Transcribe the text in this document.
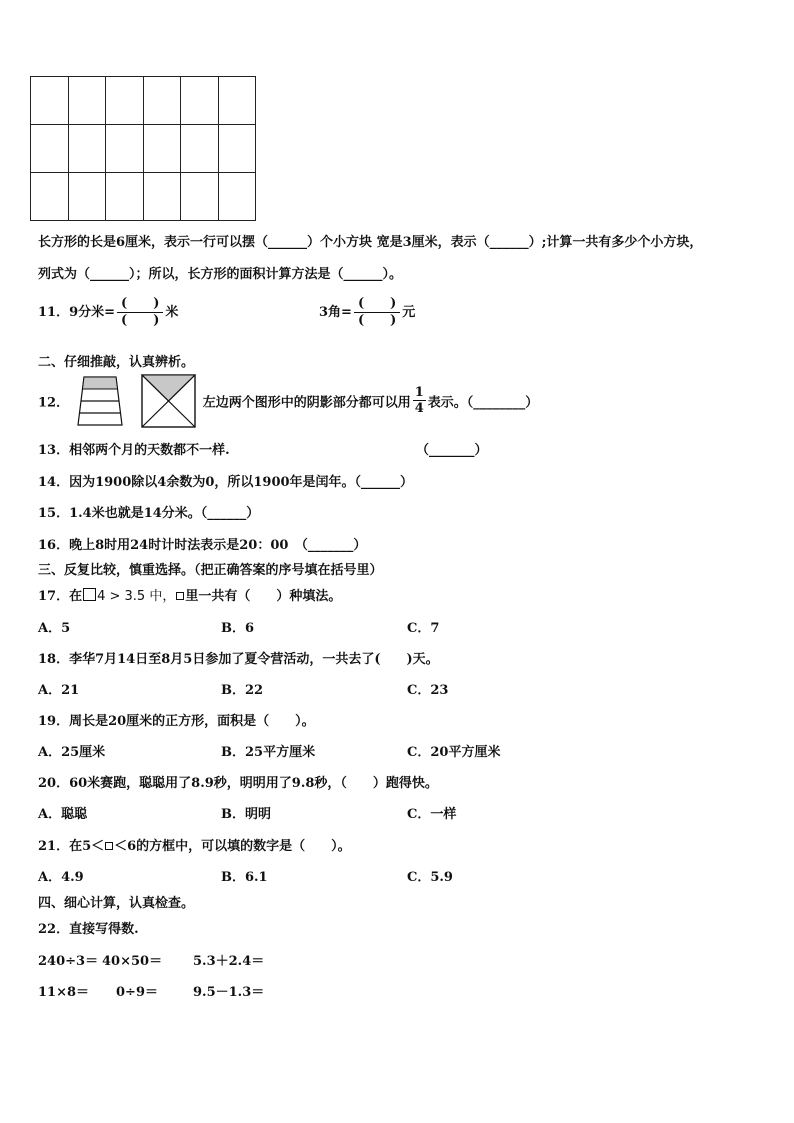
长方形的长是6厘米，表示一行可以摆（______）个小方块 宽是3厘米，表示（______）;计算一共有多少个小方块，
列式为（______）；所以，长方形的面积计算方法是（______）。
11．9分米= $\frac{( )}{( )}$ 米	3角= $\frac{( )}{( )}$ 元
二、仔细推敲，认真辨析。
12．	左边两个图形中的阴影部分都可以用 $\frac{1}{4}$ 表示。（________）
13．相邻两个月的天数都不一样.	（_______）
14．因为1900除以4余数为0，所以1900年是闰年。（______）
15．1.4米也就是14分米。（______）
16．晚上8时用24时计时法表示是20：00　（_______）
三、反复比较，慎重选择。（把正确答案的序号填在括号里）
17．在 4 > 3.5 中， 里一共有（　　）种填法。
A．5	B．6	C．7
18．李华7月14日至8月5日参加了夏令营活动，一共去了(　　)天。
A．21	B．22	C．23
19．周长是20厘米的正方形，面积是（　　）。
A．25厘米	B．25平方厘米	C．20平方厘米
20．60米赛跑，聪聪用了8.9秒，明明用了9.8秒，（　　）跑得快。
A．聪聪	B．明明	C．一样
21．在5＜ ＜6的方框中，可以填的数字是（　　）。
A．4.9	B．6.1	C．5.9
四、细心计算，认真检查。
22．直接写得数.
240÷3＝ 40×50＝ 5.3＋2.4＝
11×8＝ 0÷9＝	9.5－1.3＝
